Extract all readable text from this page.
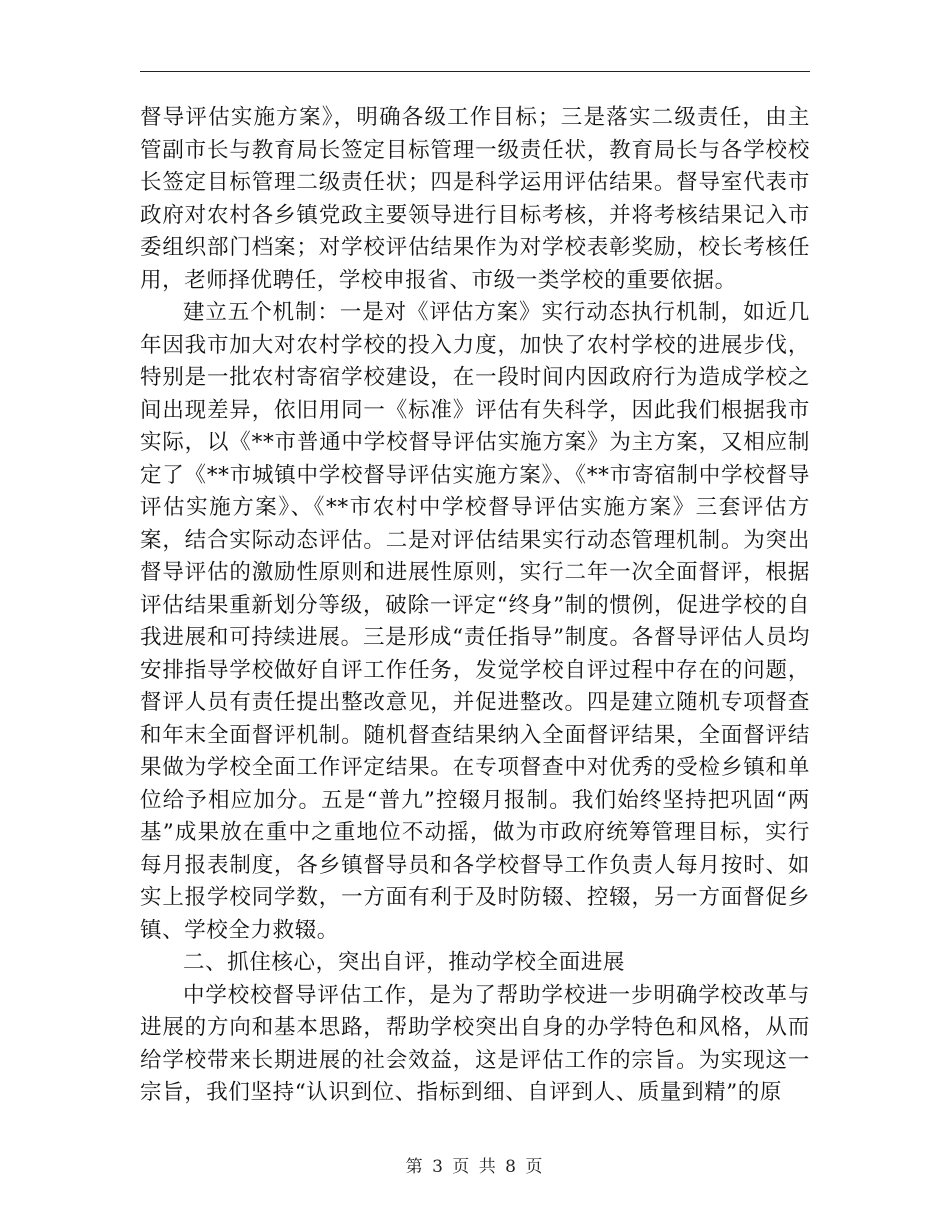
督导评估实施方案》，明确各级工作目标；三是落实二级责任，由主管副市长与教育局长签定目标管理一级责任状，教育局长与各学校校长签定目标管理二级责任状；四是科学运用评估结果。督导室代表市政府对农村各乡镇党政主要领导进行目标考核，并将考核结果记入市委组织部门档案；对学校评估结果作为对学校表彰奖励，校长考核任用，老师择优聘任，学校申报省、市级一类学校的重要依据。

建立五个机制：一是对《评估方案》实行动态执行机制，如近几年因我市加大对农村学校的投入力度，加快了农村学校的进展步伐，特别是一批农村寄宿学校建设，在一段时间内因政府行为造成学校之间出现差异，依旧用同一《标准》评估有失科学，因此我们根据我市实际，以《**市普通中学校督导评估实施方案》为主方案，又相应制定了《**市城镇中学校督导评估实施方案》、《**市寄宿制中学校督导评估实施方案》、《**市农村中学校督导评估实施方案》三套评估方案，结合实际动态评估。二是对评估结果实行动态管理机制。为突出督导评估的激励性原则和进展性原则，实行二年一次全面督评，根据评估结果重新划分等级，破除一评定“终身”制的惯例，促进学校的自我进展和可持续进展。三是形成“责任指导”制度。各督导评估人员均安排指导学校做好自评工作任务，发觉学校自评过程中存在的问题，督评人员有责任提出整改意见，并促进整改。四是建立随机专项督查和年末全面督评机制。随机督查结果纳入全面督评结果，全面督评结果做为学校全面工作评定结果。在专项督查中对优秀的受检乡镇和单位给予相应加分。五是“普九”控辍月报制。我们始终坚持把巩固“两基”成果放在重中之重地位不动摇，做为市政府统筹管理目标，实行每月报表制度，各乡镇督导员和各学校督导工作负责人每月按时、如实上报学校同学数，一方面有利于及时防辍、控辍，另一方面督促乡镇、学校全力救辍。

二、抓住核心，突出自评，推动学校全面进展

中学校校督导评估工作，是为了帮助学校进一步明确学校改革与进展的方向和基本思路，帮助学校突出自身的办学特色和风格，从而给学校带来长期进展的社会效益，这是评估工作的宗旨。为实现这一宗旨，我们坚持“认识到位、指标到细、自评到人、质量到精”的原

第 3 页 共 8 页
